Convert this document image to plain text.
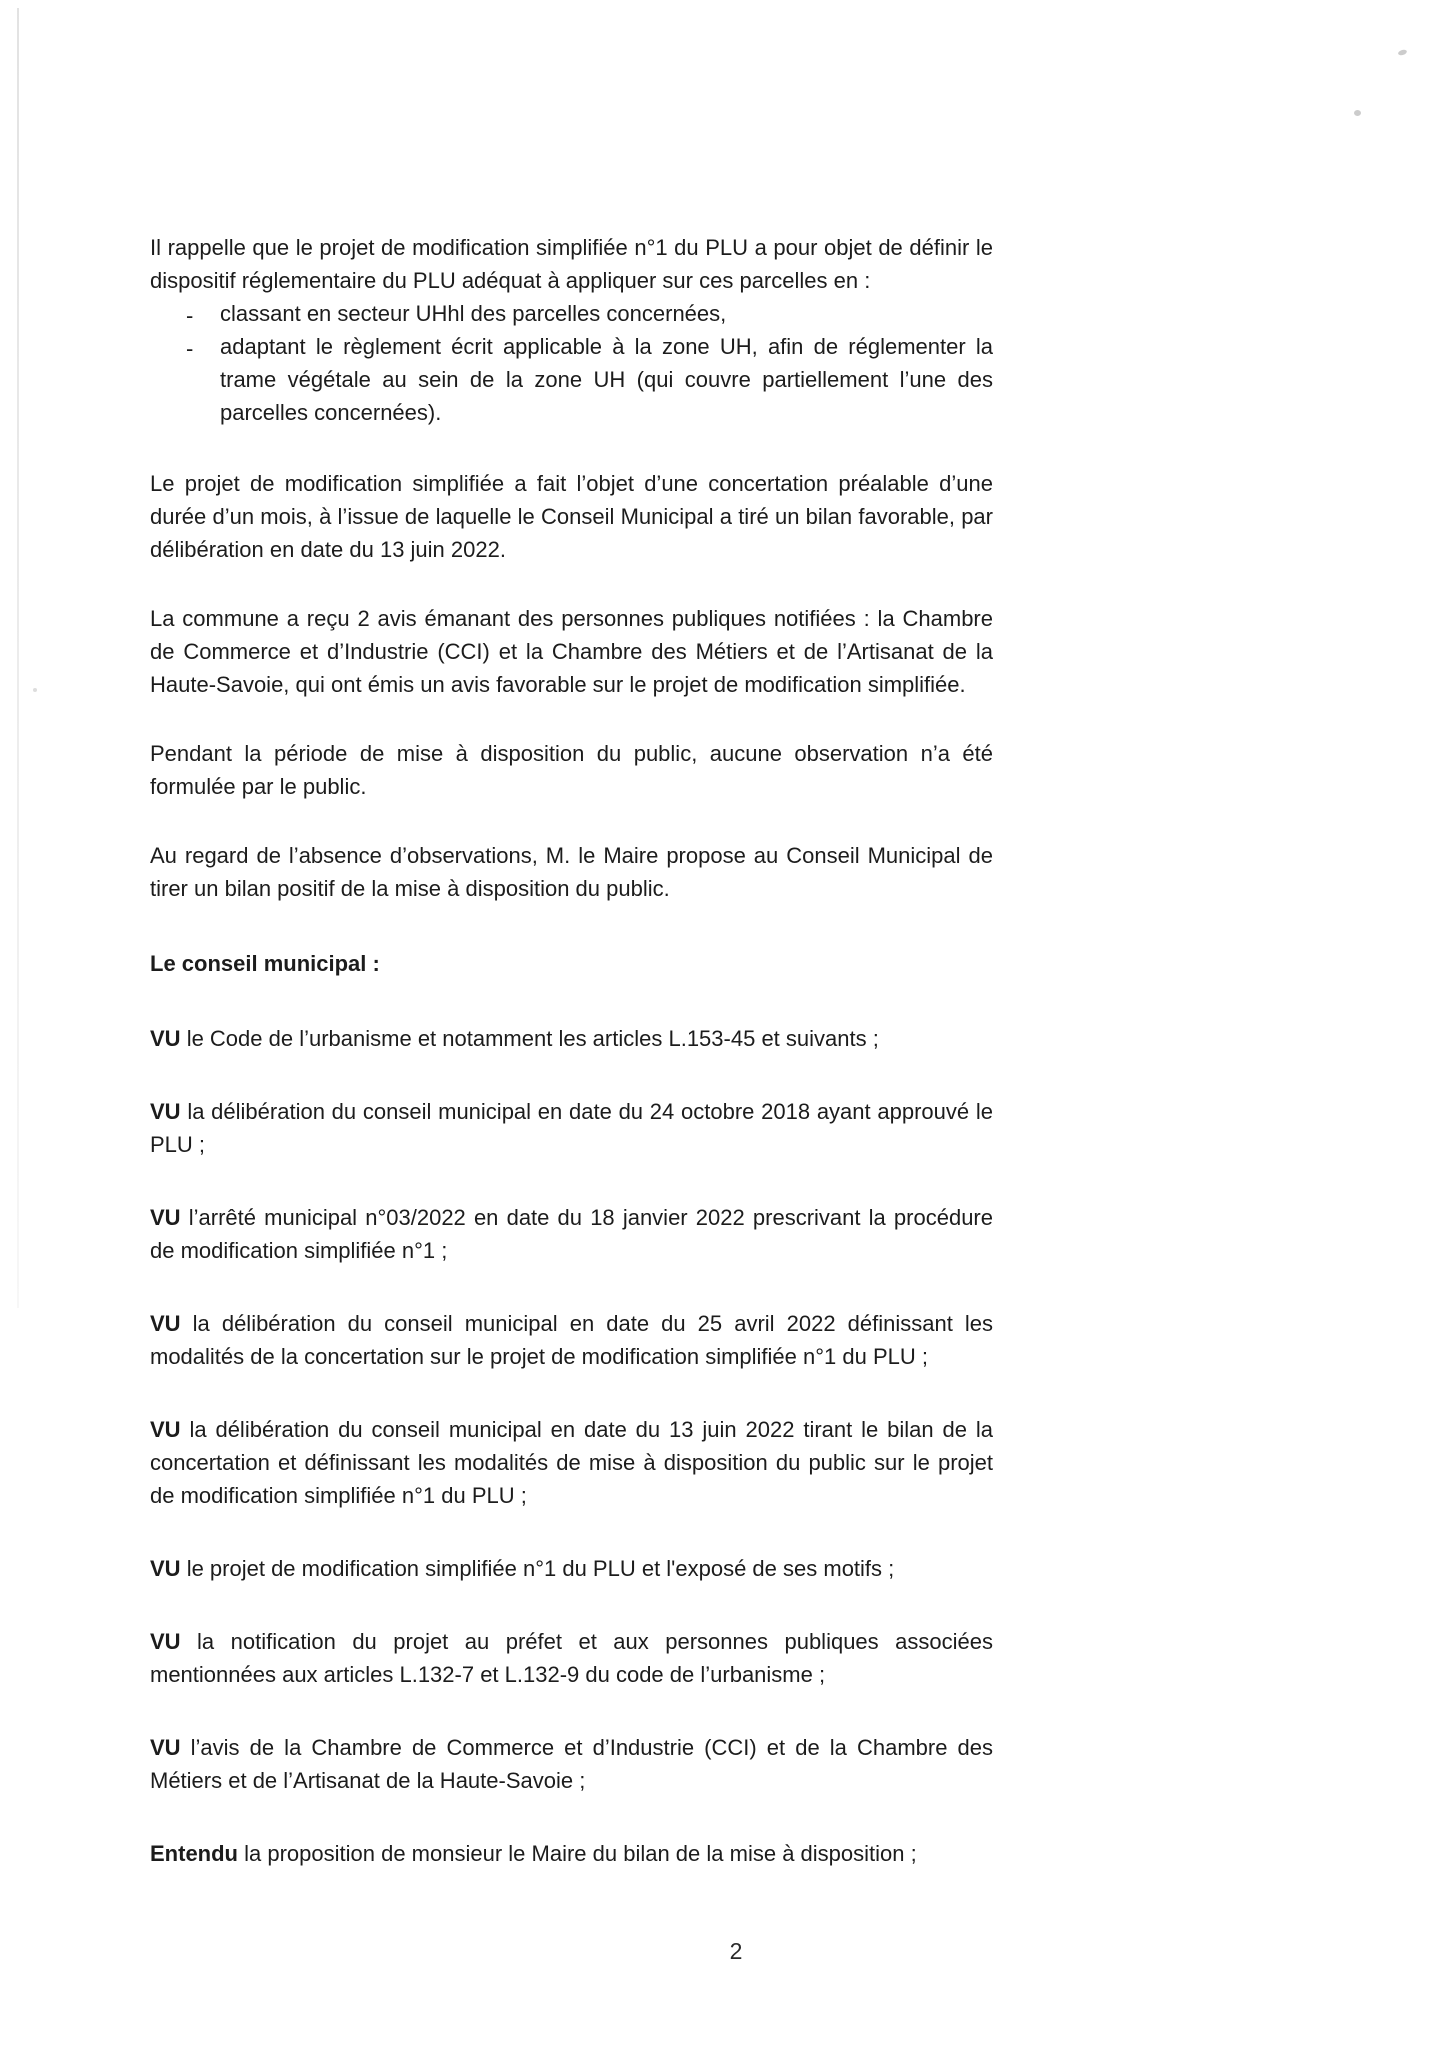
Il rappelle que le projet de modification simplifiée n°1 du PLU a pour objet de définir le dispositif réglementaire du PLU adéquat à appliquer sur ces parcelles en :

- classant en secteur UHhl des parcelles concernées,
- adaptant le règlement écrit applicable à la zone UH, afin de réglementer la trame végétale au sein de la zone UH (qui couvre partiellement l’une des parcelles concernées).

Le projet de modification simplifiée a fait l’objet d’une concertation préalable d’une durée d’un mois, à l’issue de laquelle le Conseil Municipal a tiré un bilan favorable, par délibération en date du 13 juin 2022.

La commune a reçu 2 avis émanant des personnes publiques notifiées : la Chambre de Commerce et d’Industrie (CCI) et la Chambre des Métiers et de l’Artisanat de la Haute-Savoie, qui ont émis un avis favorable sur le projet de modification simplifiée.

Pendant la période de mise à disposition du public, aucune observation n’a été formulée par le public.

Au regard de l’absence d’observations, M. le Maire propose au Conseil Municipal de tirer un bilan positif de la mise à disposition du public.

Le conseil municipal :

VU le Code de l’urbanisme et notamment les articles L.153-45 et suivants ;

VU la délibération du conseil municipal en date du 24 octobre 2018 ayant approuvé le PLU ;

VU l’arrêté municipal n°03/2022 en date du 18 janvier 2022 prescrivant la procédure de modification simplifiée n°1 ;

VU la délibération du conseil municipal en date du 25 avril 2022 définissant les modalités de la concertation sur le projet de modification simplifiée n°1 du PLU ;

VU la délibération du conseil municipal en date du 13 juin 2022 tirant le bilan de la concertation et définissant les modalités de mise à disposition du public sur le projet de modification simplifiée n°1 du PLU ;

VU le projet de modification simplifiée n°1 du PLU et l'exposé de ses motifs ;

VU la notification du projet au préfet et aux personnes publiques associées mentionnées aux articles L.132-7 et L.132-9 du code de l’urbanisme ;

VU l’avis de la Chambre de Commerce et d’Industrie (CCI) et de la Chambre des Métiers et de l’Artisanat de la Haute-Savoie ;

Entendu la proposition de monsieur le Maire du bilan de la mise à disposition ;

2
